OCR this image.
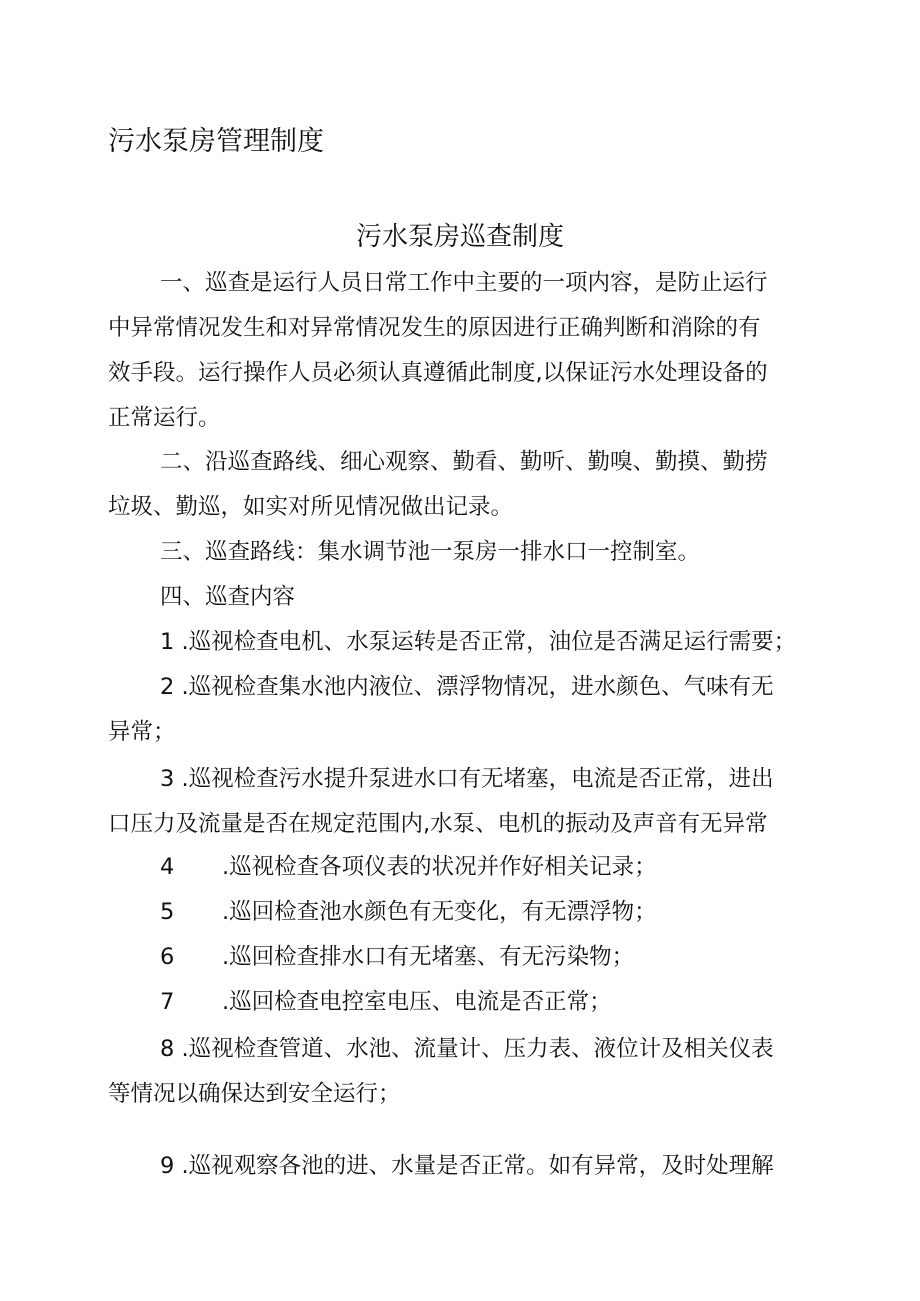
污水泵房管理制度
污水泵房巡查制度
一、巡查是运行人员日常工作中主要的一项内容，是防止运行
中异常情况发生和对异常情况发生的原因进行正确判断和消除的有
效手段。运行操作人员必须认真遵循此制度,以保证污水处理设备的
正常运行。
二、沿巡查路线、细心观察、勤看、勤听、勤嗅、勤摸、勤捞
垃圾、勤巡，如实对所见情况做出记录。
三、巡查路线：集水调节池一泵房一排水口一控制室。
四、巡查内容
1 .巡视检查电机、水泵运转是否正常，油位是否满足运行需要；
2 .巡视检查集水池内液位、漂浮物情况，进水颜色、气味有无
异常；
3 .巡视检查污水提升泵进水口有无堵塞，电流是否正常，进出
口压力及流量是否在规定范围内,水泵、电机的振动及声音有无异常
4 .巡视检查各项仪表的状况并作好相关记录；
5 .巡回检查池水颜色有无变化，有无漂浮物；
6 .巡回检查排水口有无堵塞、有无污染物；
7 .巡回检查电控室电压、电流是否正常；
8 .巡视检查管道、水池、流量计、压力表、液位计及相关仪表
等情况以确保达到安全运行；
9 .巡视观察各池的进、水量是否正常。如有异常，及时处理解
